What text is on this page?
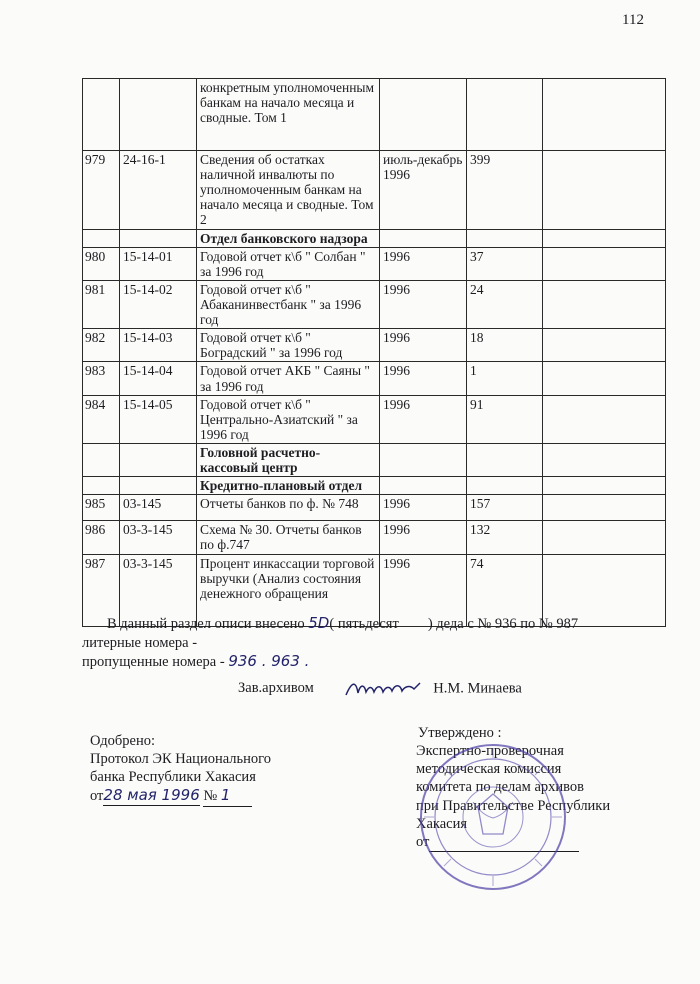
112
		конкретным уполномоченным банкам на начало месяца и сводные. Том 1			
979	24-16-1	Сведения об остатках наличной инвалюты по уполномоченным банкам на начало месяца и сводные. Том 2	июль-декабрь 1996	399	
		Отдел банковского надзора			
980	15-14-01	Годовой отчет к\б " Солбан " за 1996 год	1996	37	
981	15-14-02	Годовой отчет к\б " Абаканинвестбанк " за 1996 год	1996	24	
982	15-14-03	Годовой отчет к\б " Боградский " за 1996 год	1996	18	
983	15-14-04	Годовой отчет АКБ " Саяны " за 1996 год	1996	1	
984	15-14-05	Годовой отчет к\б " Центрально-Азиатский " за 1996 год	1996	91	
		Головной расчетно-кассовый центр			
		Кредитно-плановый отдел			
985	03-145	Отчеты банков по ф. № 748	1996	157	
986	03-3-145	Схема № 30. Отчеты банков по ф.747	1996	132	
987	03-3-145	Процент инкассации торговой выручки (Анализ состояния денежного обращения	1996	74	
В данный раздел описи внесено 5D( пятьдесят ) деда с № 936 по № 987
литерные номера -
пропущенные номера - 936 . 963 .
Зав.архивом	Н.М. Минаева
Одобрено:
Протокол ЭК Национального
банка Республики Хакасия
от28 мая 1996 № 1
Утверждено :
Экспертно-проверочная
методическая комиссия
комитета по делам архивов
при Правительстве Республики
Хакасия
от
